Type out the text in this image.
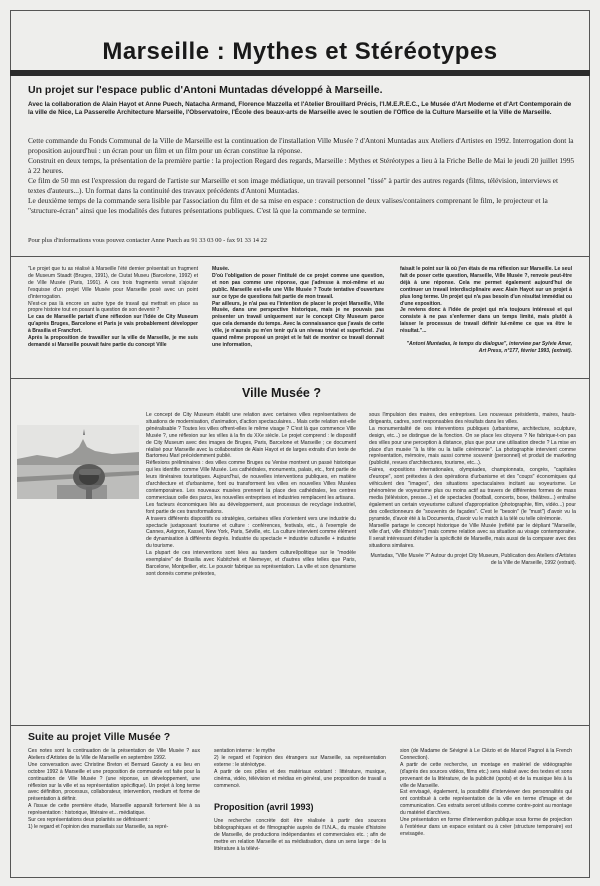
Marseille : Mythes et Stéréotypes
Un projet sur l'espace public d'Antoni Muntadas développé à Marseille.
Avec la collaboration de Alain Hayot et Anne Puech, Natacha Armand, Florence Mazzella et l'Atelier Brouillard Précis, l'I.M.E.R.E.C., Le Musée d'Art Moderne et d'Art Contemporain de la ville de Nice, La Passerelle Architecture Marseille, l'Observatoire, l'École des beaux-arts de Marseille avec le soutien de l'Office de la Culture Marseille et la Ville de Marseille.

Cette commande du Fonds Communal de la Ville de Marseille est la continuation de l'installation Ville Musée ? d'Antoni Muntadas aux Ateliers d'Artistes en 1992. Interrogation dont la proposition aujourd'hui : un écran pour un film et un film pour un écran constitue la réponse.

Construit en deux temps, la présentation de la première partie : la projection Regard des regards, Marseille : Mythes et Stéréotypes a lieu à la Friche Belle de Mai le jeudi 20 juillet 1995 à 22 heures.

Ce film de 50 mn est l'expression du regard de l'artiste sur Marseille et son image médiatique, un travail personnel "tissé" à partir des autres regards (films, télévision, interviews et textes d'auteurs...). Un format dans la continuité des travaux précédents d'Antoni Muntadas.

Le deuxième temps de la commande sera lisible par l'association du film et de sa mise en espace : construction de deux valises/containers comprenant le film, le projecteur et la "structure-écran" ainsi que les modalités des futures présentations publiques. C'est là que la commande se termine.

Pour plus d'informations vous pouvez contacter Anne Puech au 91 33 03 00 - fax 91 33 14 22

"Le projet que tu as réalisé à Marseille l'été dernier présentait un fragment de Museum Staadt (Bruges, 1991), de Ciutat Museu (Barcelone, 1992) et de Ville Musée (Paris, 1991). A ces trois fragments venait s'ajouter l'esquisse d'un projet Ville Musée pour Marseille posé avec un point d'interrogation.

N'est-ce pas là encore un autre type de travail qui mettrait en place sa propre histoire tout en posant la question de son devenir ?

Le cas de Marseille partait d'une réflexion sur l'idée de City Museum qu'après Bruges, Barcelone et Paris je vais probablement développer à Brasilia et Francfort.

Après la proposition de travailler sur la ville de Marseille, je me suis demandé si Marseille pouvait faire partie du concept Ville

Musée.

D'où l'obligation de poser l'intitulé de ce projet comme une question, et non pas comme une réponse, que j'adresse à moi-même et au public. Marseille est-elle une Ville Musée ? Toute tentative d'ouverture sur ce type de questions fait partie de mon travail.

Par ailleurs, je n'ai pas eu l'intention de placer le projet Marseille, Ville Musée, dans une perspective historique, mais je ne pouvais pas présenter un travail uniquement sur le concept City Museum parce que cela demande du temps. Avec la connaissance que j'avais de cette ville, je n'aurais pu m'en tenir qu'à un niveau trivial et superficiel. J'ai quand même proposé un projet et le fait de montrer ce travail donnait une information,

faisait le point sur là où j'en étais de ma réflexion sur Marseille. Le seul fait de poser cette question, Marseille, Ville Musée ?, renvoie peut-être déjà à une réponse. Cela me permet également aujourd'hui de continuer un travail interdisciplinaire avec Alain Hayot sur un projet à plus long terme. Un projet qui n'a pas besoin d'un résultat immédiat ou d'une exposition.

Je reviens donc à l'idée de projet qui m'a toujours intéressé et qui consiste à ne pas s'enfermer dans un temps limité, mais plutôt à laisser le processus de travail définir lui-même ce que va être le résultat."...

"Antoni Muntadas, le temps du dialogue", interview par Sylvie Amar, Art Press, n°177, février 1993, (extrait).

Ville Musée ?

Le concept de City Museum établit une relation avec certaines villes représentatives de situations de modernisation, d'animation, d'action spectaculaires... Mais cette relation est-elle généralisable ? Toutes les villes offrent-elles le même visage ? C'est là que commence Ville Musée ?, une réflexion sur les villes à la fin du XXe siècle. Le projet comprend : le dispositif de City Museum avec des images de Bruges, Paris, Barcelone et Marseille ; ce document réalisé pour Marseille avec la collaboration de Alain Hayot et de larges extraits d'un texte de Bartomeu Marí précédemment publié.

Réflexions préliminaires : des villes comme Bruges ou Venise montrent un passé historique qui les identifie comme Ville Musée. Les cathédrales, monuments, palais, etc., font partie de leurs itinéraires touristiques. Aujourd'hui, de nouvelles interventions publiques, en matière d'architecture et d'urbanisme, font ou transforment les villes en nouvelles Villes Musées contemporaines. Les nouveaux musées prennent la place des cathédrales, les centres commerciaux celle des parcs, les nouvelles entreprises et industries remplacent les artisans.

Les facteurs économiques liés au développement, aux processus de recyclage industriel, font partie de ces transformations.

A travers différents dispositifs ou stratégies, certaines villes s'orientent vers une industrie du spectacle juxtaposant tourisme et culture : conférences, festivals, etc., à l'exemple de Cannes, Avignon, Kassel, New York, Paris, Séville, etc. La culture intervient comme élément de dynamisation à différents degrés. Industrie du spectacle = industrie culturelle + industrie du tourisme.

La plupart de ces interventions sont liées au tandem culturel/politique sur le "modèle exemplaire" de Brasilia avec Kubitchek et Niemeyer, et d'autres villes telles que Paris, Barcelone, Montpellier, etc. Le pouvoir fabrique sa représentation. La ville et son dynamisme sont donnés comme prétextes,

sous l'impulsion des maires, des entreprises. Les nouveaux présidents, maires, hauts-dirigeants, cadres, sont responsables des résultats dans les villes.

La monumentalité de ces interventions publiques (urbanisme, architecture, sculpture, design, etc...) se distingue de la fonction. On se place les citoyens ? Ne fabrique-t-on pas des villes pour une perception à distance, plus que pour une utilisation directe ? La mise en place d'un musée "à la tête ou la taille cérémonie". La photographie intervient comme représentation, mémoire, mais aussi comme souvenir (personnel) et produit de marketing (publicité, revues d'architectures, tourisme, etc...).

Faires, expositions internationales, olympiades, championnats, congrès, "capitales d'europe", sont prétextes à des opérations d'urbanisme et des "coups" économiques qui véhiculent des "images", des situations spectaculaires incitant au voyeurisme. Le phénomène de voyeurisme plus ou moins actif au travers de différentes formes de mass media (télévision, presse...) et de spectacles (football, concerts, boxe, théâtres...) entraîne également un certain voyeurisme culturel d'appropriation (photographie, film, vidéo...) pour des collectionneurs de "souvenirs de façades". C'est le "besoin" (le "must") d'avoir vu la pyramide, d'avoir été à la Documenta, d'avoir vu le match à la télé ou telle cérémonie.

Marseille partage le concept historique de Ville Musée (reflété par le dépliant "Marseille, ville d'art, ville d'histoire") mais comme relation avec sa situation au visage contemporaine. Il serait intéressant d'étudier la spécificité de Marseille, mais aussi de la comparer avec des situations similaires.

Muntadas, "Ville Musée ?" Autour du projet City Museum, Publication des Ateliers d'Artistes de la Ville de Marseille, 1992 (extrait).

Suite au projet Ville Musée ?

Ces notes sont la continuation de la présentation de Ville Musée ? aux Ateliers d'Artistes de la Ville de Marseille en septembre 1992.

Une conversation avec Christine Breton et Bernard Gavoty a eu lieu en octobre 1992 à Marseille et une proposition de commande est faite pour la continuation de Ville Musée ? (une réponse, un développement, une réflexion sur la ville et sa représentation spécifique). Un projet à long terme avec définition, processus, collaborateur, intervention, medium et forme de présentation à définir.

A l'issue de cette première étude, Marseille apparaît fortement liée à sa représentation : historique, littéraire et... médiatique.

Sur ces représentations deux polarités se définissent :

1) le regard et l'opinion des marseillais sur Marseille, sa repré-

sentation interne : le mythe

2) le regard et l'opinion des étrangers sur Marseille, sa représentation externe : le stéréotype.

A partir de ces pôles et des matériaux existant : littérature, musique, cinéma, vidéo, télévision et médias en général, une proposition de travail a commencé.

Proposition (avril 1993)

Une recherche concrète doit être réalisée à partir des sources bibliographiques et de filmographie auprès de l'I.N.A., du musée d'histoire de Marseille, de productions indépendantes et commerciales etc. ; afin de mettre en relation Marseille et sa médiatisation, dans un sens large : de la littérature à la télévi-

sion (de Madame de Sévigné à Le Clézio et de Marcel Pagnol à la French Connection).

A partir de cette recherche, un montage en matériel de vidéographie (d'après des sources vidéos, films etc.) sera réalisé avec des textes et sons provenant de la littérature, de la publicité (spots) et de la musique liés à la ville de Marseille.

Est envisagé, également, la possibilité d'interviewer des personnalités qui ont contribué à cette représentation de la ville en terme d'image et de communication. Ces extraits seront utilisés comme contre-point au montage du matériel d'archives.

Une présentation en forme d'intervention publique sous forme de projection à l'extérieur dans un espace existant ou à créer (structure temporaire) est envisagée.
